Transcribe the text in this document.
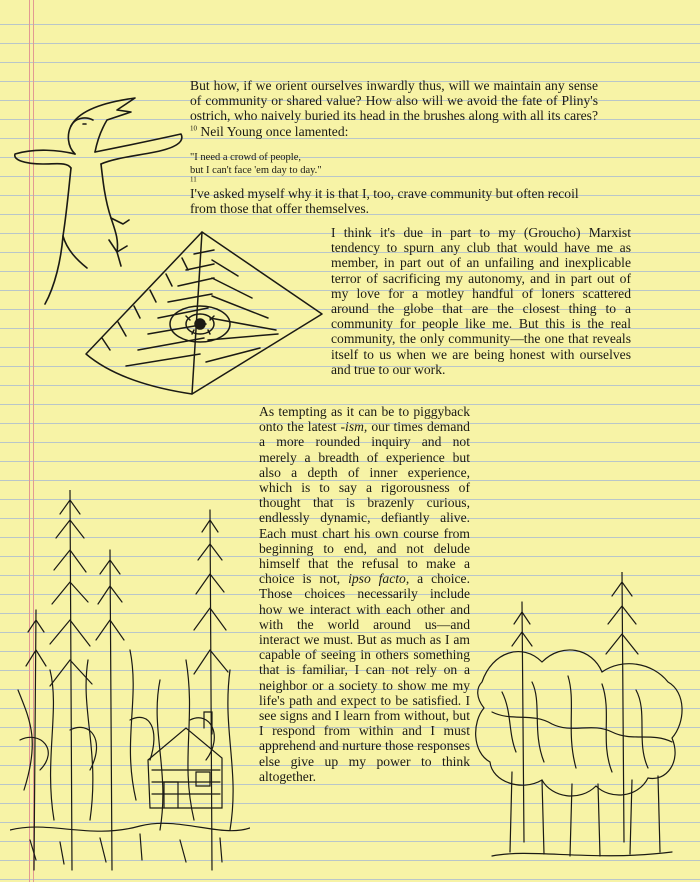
But how, if we orient ourselves inwardly thus, will we maintain any sense of community or shared value? How also will we avoid the fate of Pliny's ostrich, who naively buried its head in the brushes along with all its cares?$^{10}$ Neil Young once lamented:

"I need a crowd of people,
but I can't face 'em day to day."
$^{11}$

I've asked myself why it is that I, too, crave community but often recoil from those that offer themselves.

I think it's due in part to my (Groucho) Marxist tendency to spurn any club that would have me as member, in part out of an unfailing and inexplicable terror of sacrificing my autonomy, and in part out of my love for a motley handful of loners scattered around the globe that are the closest thing to a community for people like me. But this is the real community, the only community—the one that reveals itself to us when we are being honest with ourselves and true to our work.

As tempting as it can be to piggyback onto the latest -ism, our times demand a more rounded inquiry and not merely a breadth of experience but also a depth of inner experience, which is to say a rigorousness of thought that is brazenly curious, endlessly dynamic, defiantly alive. Each must chart his own course from beginning to end, and not delude himself that the refusal to make a choice is not, ipso facto, a choice. Those choices necessarily include how we interact with each other and with the world around us—and interact we must. But as much as I am capable of seeing in others something that is familiar, I can not rely on a neighbor or a society to show me my life's path and expect to be satisfied. I see signs and I learn from without, but I respond from within and I must apprehend and nurture those responses else give up my power to think altogether.
